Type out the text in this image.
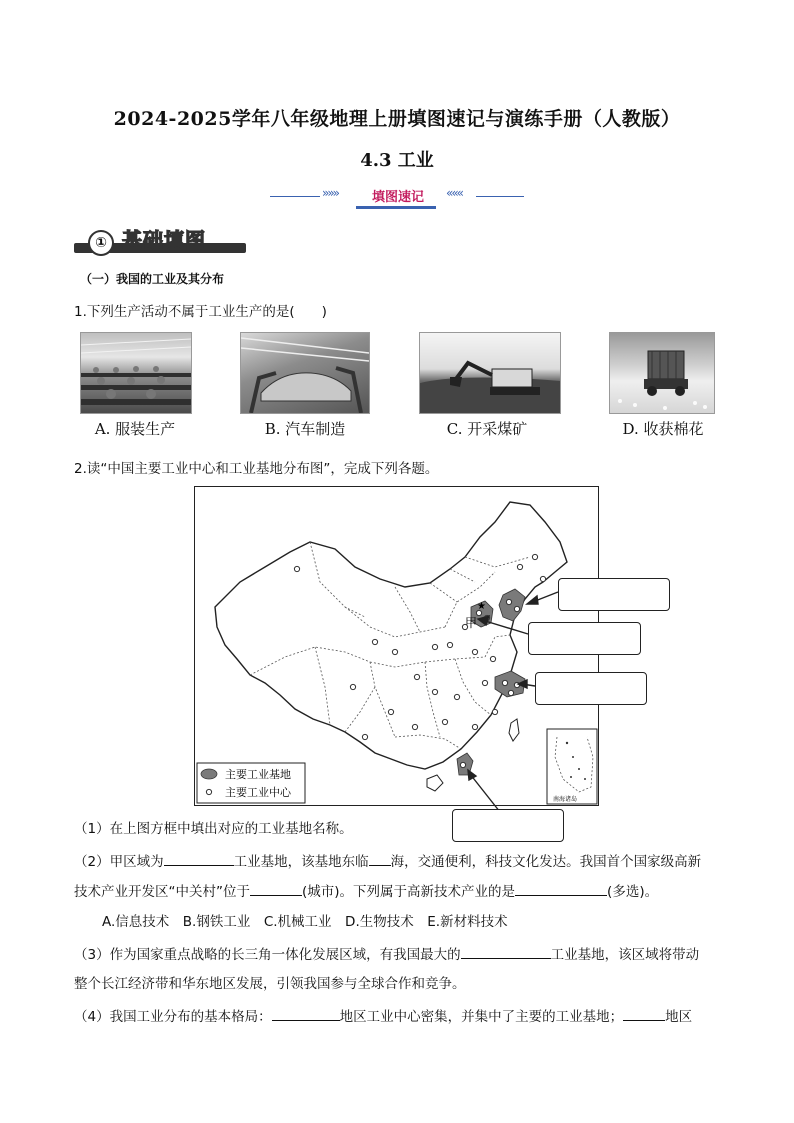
2024-2025学年八年级地理上册填图速记与演练手册（人教版）
4.3 工业
»»»	填图速记	«««
① 基础填图
（一）我国的工业及其分布
1.下列生产活动不属于工业生产的是(　　)
A. 服装生产	B. 汽车制造	C. 开采煤矿	D. 收获棉花
2.读“中国主要工业中心和工业基地分布图”，完成下列各题。
★
甲
主要工业基地
主要工业中心
南海诸岛
（1）在上图方框中填出对应的工业基地名称。
（2）甲区域为	工业基地，该基地东临 海，交通便利，科技文化发达。我国首个国家级高新
技术产业开发区“中关村”位于	(城市)。下列属于高新技术产业的是	(多选)。
A.信息技术　B.钢铁工业　C.机械工业　D.生物技术　E.新材料技术
（3）作为国家重点战略的长三角一体化发展区域，有我国最大的	工业基地，该区域将带动
整个长江经济带和华东地区发展，引领我国参与全球合作和竞争。
（4）我国工业分布的基本格局：	地区工业中心密集，并集中了主要的工业基地；	地区
